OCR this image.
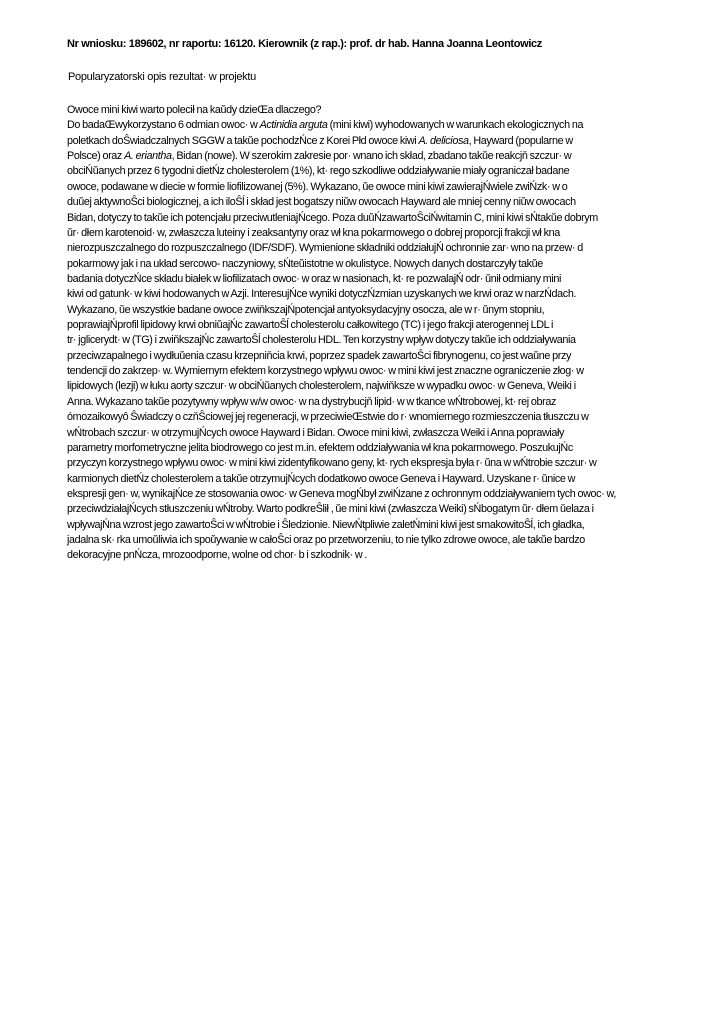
Nr wniosku: 189602, nr raportu: 16120. Kierownik (z rap.): prof. dr hab. Hanna Joanna Leontowicz
Popularyzatorski opis rezultat· w projektu
Owoce mini kiwi warto polecił na kaŭdy dzieŒa dlaczego?
Do badaŒwykorzystano 6 odmian owoc· w Actinidia arguta (mini kiwi) wyhodowanych w warunkach ekologicznych na
poletkach doŜwiadczalnych SGGW a takŭe pochodzŃce z Korei Płd owoce kiwi A. deliciosa, Hayward (popularne w
Polsce) oraz A. eriantha, Bidan (nowe). W szerokim zakresie por· wnano ich skład, zbadano takŭe reakcjň szczur· w
obciŃŭanych przez 6 tygodni dietŃz cholesterolem (1%), kt· rego szkodliwe oddziaływanie miały ograniczał badane
owoce, podawane w diecie w formie liofilizowanej (5%). Wykazano, ŭe owoce mini kiwi zawierajŃwiele zwiŃzk· w o
duŭej aktywnoŜci biologicznej, a ich iloŜĺ i skład jest bogatszy niŭw owocach Hayward ale mniej cenny niŭw owocach
Bidan, dotyczy to takŭe ich potencjału przeciwutleniajŃcego. Poza duŭŃzawartoŜciŃwitamin C, mini kiwi sŃtakŭe dobrym
ŭr· dłem karotenoid· w, zwłaszcza luteiny i zeaksantyny oraz wł kna pokarmowego o dobrej proporcji frakcji wł kna
nierozpuszczalnego do rozpuszczalnego (IDF/SDF). Wymienione składniki oddziałujŃ ochronnie zar· wno na przew· d
pokarmowy jak i na układ sercowo- naczyniowy, sŃteŭistotne w okulistyce. Nowych danych dostarczyły takŭe
badania dotyczŃce składu białek w liofilizatach owoc· w oraz w nasionach, kt· re pozwalajŃ odr· ŭnił odmiany mini
kiwi od gatunk· w kiwi hodowanych w Azji. InteresujŃce wyniki dotyczŃzmian uzyskanych we krwi oraz w narzŃdach.
Wykazano, ŭe wszystkie badane owoce zwiňkszajŃpotencjał antyoksydacyjny osocza, ale w r· ŭnym stopniu,
poprawiajŃprofil lipidowy krwi obniŭajŃc zawartoŜĺ cholesterolu całkowitego (TC) i jego frakcji aterogennej LDL i
tr· jglicerydt· w (TG) i zwiňkszajŃc zawartoŜĺ cholesterolu HDL. Ten korzystny wpływ dotyczy takŭe ich oddziaływania
przeciwzapalnego i wydłuŭenia czasu krzepniňcia krwi, poprzez spadek zawartoŜci fibrynogenu, co jest waŭne przy
tendencji do zakrzep· w. Wymiernym efektem korzystnego wpływu owoc· w mini kiwi jest znaczne ograniczenie złog· w
lipidowych (lezji) w łuku aorty szczur· w obciŃŭanych cholesterolem, najwiňksze w wypadku owoc· w Geneva, Weiki i
Anna. Wykazano takŭe pozytywny wpływ w/w owoc· w na dystrybucjň lipid· w w tkance wŃtrobowej, kt· rej obraz
ómozaikowyô Ŝwiadczy o czňŜciowej jej regeneracji, w przeciwieŒstwie do r· wnomiernego rozmieszczenia tłuszczu w
wŃtrobach szczur· w otrzymujŃcych owoce Hayward i Bidan. Owoce mini kiwi, zwłaszcza Weiki i Anna poprawiały
parametry morfometryczne jelita biodrowego co jest m.in. efektem oddziaływania wł kna pokarmowego. PoszukujŃc
przyczyn korzystnego wpływu owoc· w mini kiwi zidentyfikowano geny, kt· rych ekspresja była r· ŭna w wŃtrobie szczur· w
karmionych dietŃz cholesterolem a takŭe otrzymujŃcych dodatkowo owoce Geneva i Hayward. Uzyskane r· ŭnice w
ekspresji gen· w, wynikajŃce ze stosowania owoc· w Geneva mogŃbył zwiŃzane z ochronnym oddziaływaniem tych owoc· w,
przeciwdziałajŃcych stłuszczeniu wŃtroby. Warto podkreŜlił , ŭe mini kiwi (zwłaszcza Weiki) sŃbogatym ŭr· dłem ŭelaza i
wpływajŃna wzrost jego zawartoŜci w wŃtrobie i Ŝledzionie. NiewŃtpliwie zaletŃmini kiwi jest smakowitoŜĺ, ich gładka,
jadalna sk· rka umoŭliwia ich spoŭywanie w całoŜci oraz po przetworzeniu, to nie tylko zdrowe owoce, ale takŭe bardzo
dekoracyjne pnŃcza, mrozoodporne, wolne od chor· b i szkodnik· w .
